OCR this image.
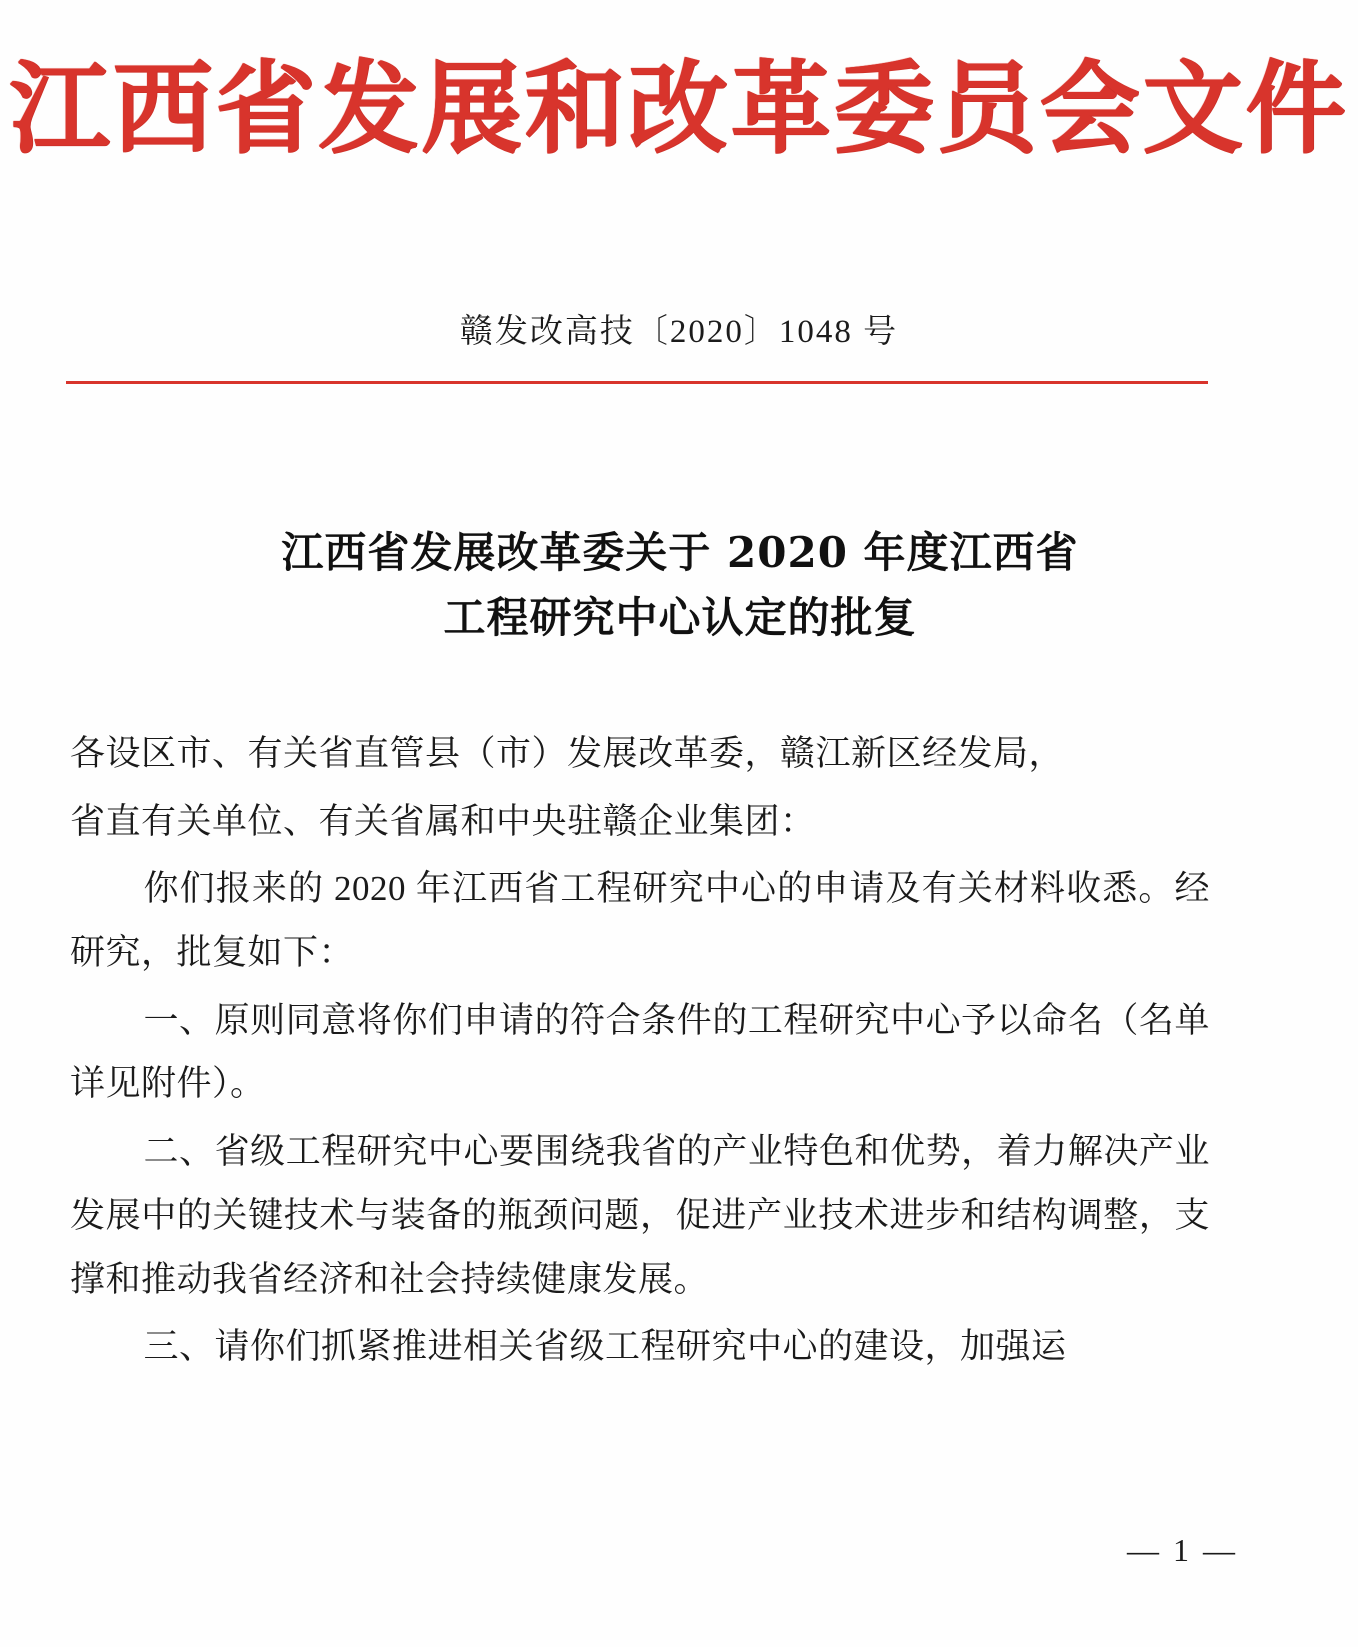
江西省发展和改革委员会文件
赣发改高技〔2020〕1048 号
江西省发展改革委关于 2020 年度江西省
工程研究中心认定的批复

各设区市、有关省直管县（市）发展改革委，赣江新区经发局，

省直有关单位、有关省属和中央驻赣企业集团：

你们报来的 2020 年江西省工程研究中心的申请及有关材料收悉。经研究，批复如下：

一、原则同意将你们申请的符合条件的工程研究中心予以命名（名单详见附件）。

二、省级工程研究中心要围绕我省的产业特色和优势，着力解决产业发展中的关键技术与装备的瓶颈问题，促进产业技术进步和结构调整，支撑和推动我省经济和社会持续健康发展。

三、请你们抓紧推进相关省级工程研究中心的建设，加强运

— 1 —
